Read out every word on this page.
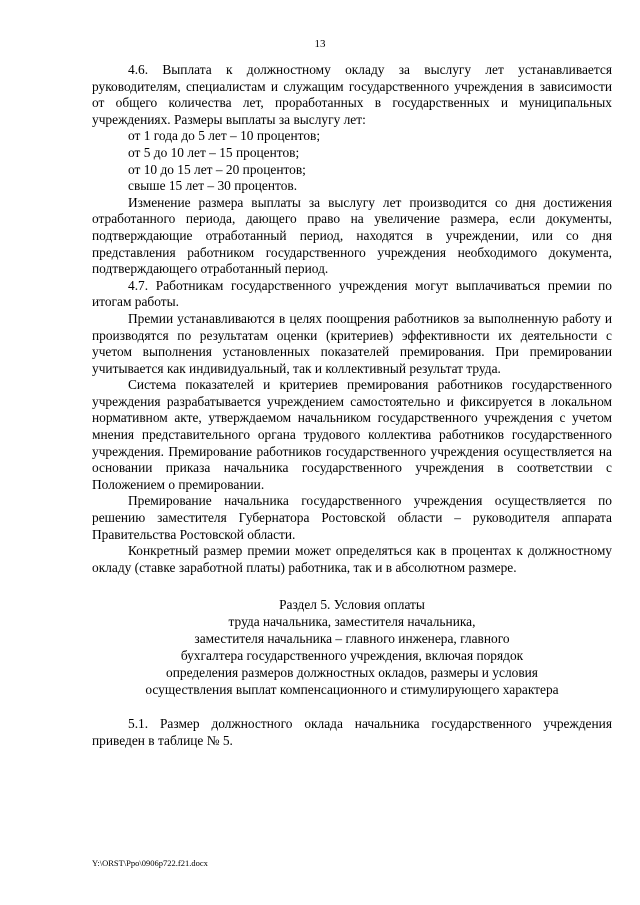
13

4.6. Выплата к должностному окладу за выслугу лет устанавливается руководителям, специалистам и служащим государственного учреждения в зависимости от общего количества лет, проработанных в государственных и муниципальных учреждениях. Размеры выплаты за выслугу лет:

от 1 года до 5 лет – 10 процентов;

от 5 до 10 лет – 15 процентов;

от 10 до 15 лет – 20 процентов;

свыше 15 лет – 30 процентов.

Изменение размера выплаты за выслугу лет производится со дня достижения отработанного периода, дающего право на увеличение размера, если документы, подтверждающие отработанный период, находятся в учреждении, или со дня представления работником государственного учреждения необходимого документа, подтверждающего отработанный период.

4.7. Работникам государственного учреждения могут выплачиваться премии по итогам работы.

Премии устанавливаются в целях поощрения работников за выполненную работу и производятся по результатам оценки (критериев) эффективности их деятельности с учетом выполнения установленных показателей премирования. При премировании учитывается как индивидуальный, так и коллективный результат труда.

Система показателей и критериев премирования работников государственного учреждения разрабатывается учреждением самостоятельно и фиксируется в локальном нормативном акте, утверждаемом начальником государственного учреждения с учетом мнения представительного органа трудового коллектива работников государственного учреждения. Премирование работников государственного учреждения осуществляется на основании приказа начальника государственного учреждения в соответствии с Положением о премировании.

Премирование начальника государственного учреждения осуществляется по решению заместителя Губернатора Ростовской области – руководителя аппарата Правительства Ростовской области.

Конкретный размер премии может определяться как в процентах к должностному окладу (ставке заработной платы) работника, так и в абсолютном размере.

Раздел 5. Условия оплаты
труда начальника, заместителя начальника,
заместителя начальника – главного инженера, главного
бухгалтера государственного учреждения, включая порядок
определения размеров должностных окладов, размеры и условия
осуществления выплат компенсационного и стимулирующего характера

5.1. Размер должностного оклада начальника государственного учреждения приведен в таблице № 5.

Y:\ORST\Ppo\0906p722.f21.docx
